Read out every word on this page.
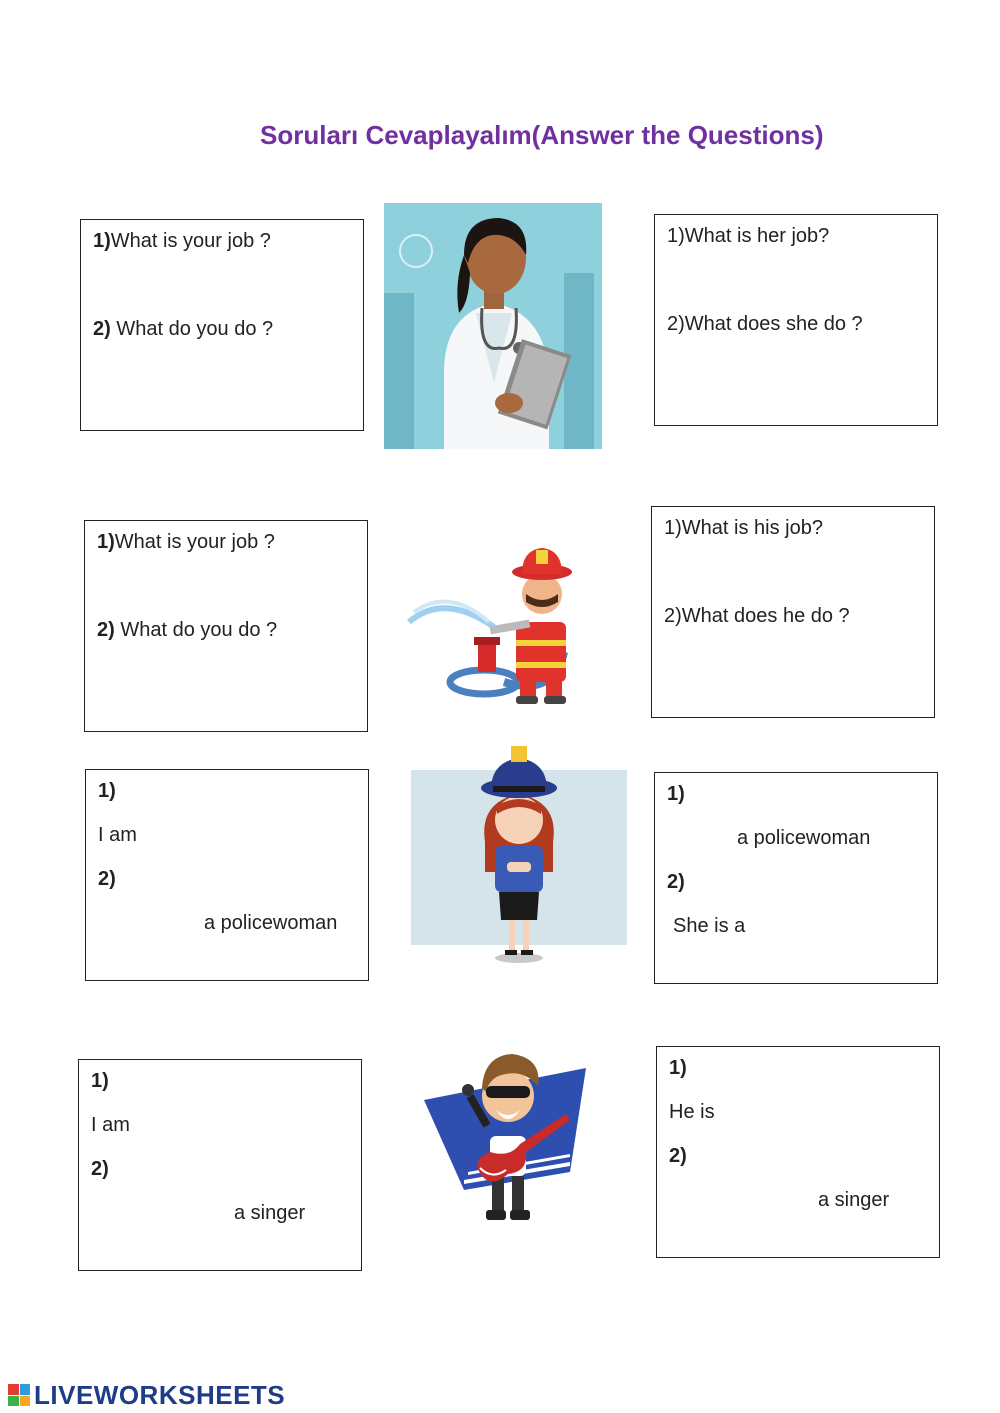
Soruları Cevaplayalım(Answer the Questions)
1)What is your job ?
2) What do you do ?
1)What is her job?
2)What does she do ?
1)What is your job ?
2) What do you do ?
1)What is his job?
2)What does he do ?
1)
I am
2)
a policewoman
1)
a policewoman
2)
She is a
1)
I am
2)
a singer
1)
He is
2)
a singer
LIVEWORKSHEETS
